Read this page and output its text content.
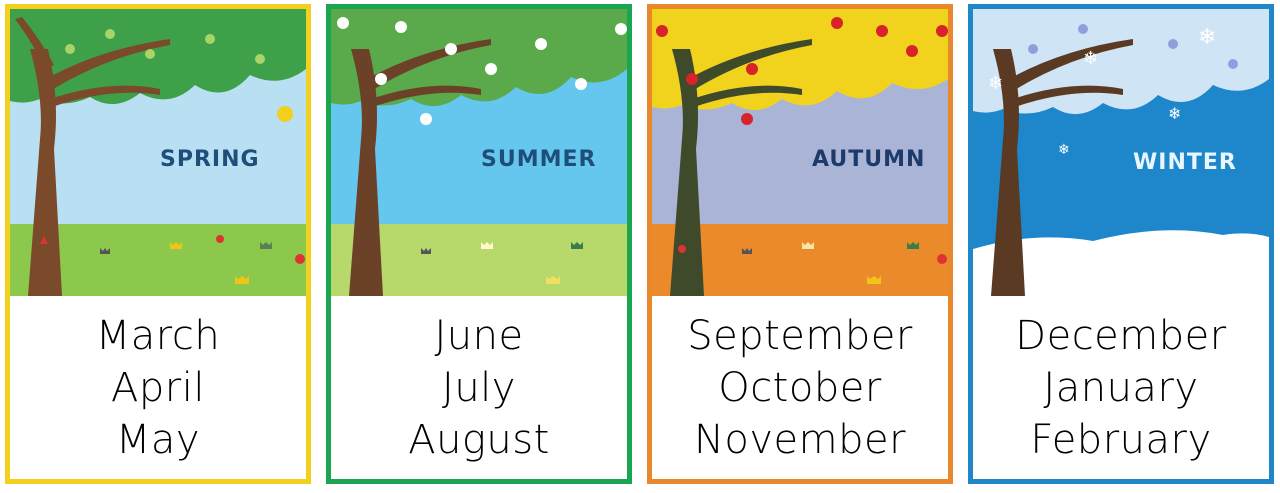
SPRING
March
April
May
SUMMER
June
July
August
AUTUMN
September
October
November
❄
❄
❄
❄
❄	WINTER
December
January
February
